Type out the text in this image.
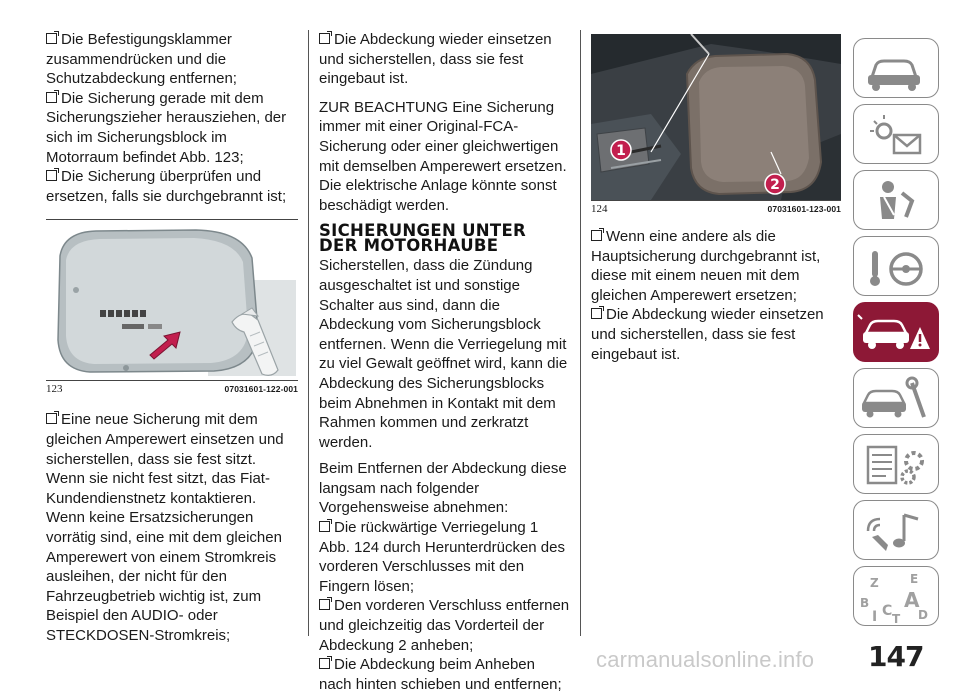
Die Befestigungsklammer zusammendrücken und die Schutzabdeckung entfernen;

Die Sicherung gerade mit dem Sicherungszieher herausziehen, der sich im Sicherungsblock im Motorraum befindet Abb. 123;

Die Sicherung überprüfen und ersetzen, falls sie durchgebrannt ist;

123	07031601-122-001

Eine neue Sicherung mit dem gleichen Amperewert einsetzen und sicherstellen, dass sie fest sitzt. Wenn sie nicht fest sitzt, das Fiat-Kundendienstnetz kontaktieren. Wenn keine Ersatzsicherungen vorrätig sind, eine mit dem gleichen Amperewert von einem Stromkreis ausleihen, der nicht für den Fahrzeugbetrieb wichtig ist, zum Beispiel den AUDIO- oder STECKDOSEN-Stromkreis;

Die Abdeckung wieder einsetzen und sicherstellen, dass sie fest eingebaut ist.

ZUR BEACHTUNG Eine Sicherung immer mit einer Original-FCA-Sicherung oder einer gleichwertigen mit demselben Amperewert ersetzen. Die elektrische Anlage könnte sonst beschädigt werden.

SICHERUNGEN UNTER
DER MOTORHAUBE

Sicherstellen, dass die Zündung ausgeschaltet ist und sonstige Schalter aus sind, dann die Abdeckung vom Sicherungsblock entfernen. Wenn die Verriegelung mit zu viel Gewalt geöffnet wird, kann die Abdeckung des Sicherungsblocks beim Abnehmen in Kontakt mit dem Rahmen kommen und zerkratzt werden.

Beim Entfernen der Abdeckung diese langsam nach folgender Vorgehensweise abnehmen:

Die rückwärtige Verriegelung 1 Abb. 124 durch Herunterdrücken des vorderen Verschlusses mit den Fingern lösen;

Den vorderen Verschluss entfernen und gleichzeitig das Vorderteil der Abdeckung 2 anheben;

Die Abdeckung beim Anheben nach hinten schieben und entfernen;

1
2
124	07031601-123-001

Wenn eine andere als die Hauptsicherung durchgebrannt ist, diese mit einem neuen mit dem gleichen Amperewert ersetzen;

Die Abdeckung wieder einsetzen und sicherstellen, dass sie fest eingebaut ist.

Z	E
B A
I C T D
147
carmanualsonline.info
